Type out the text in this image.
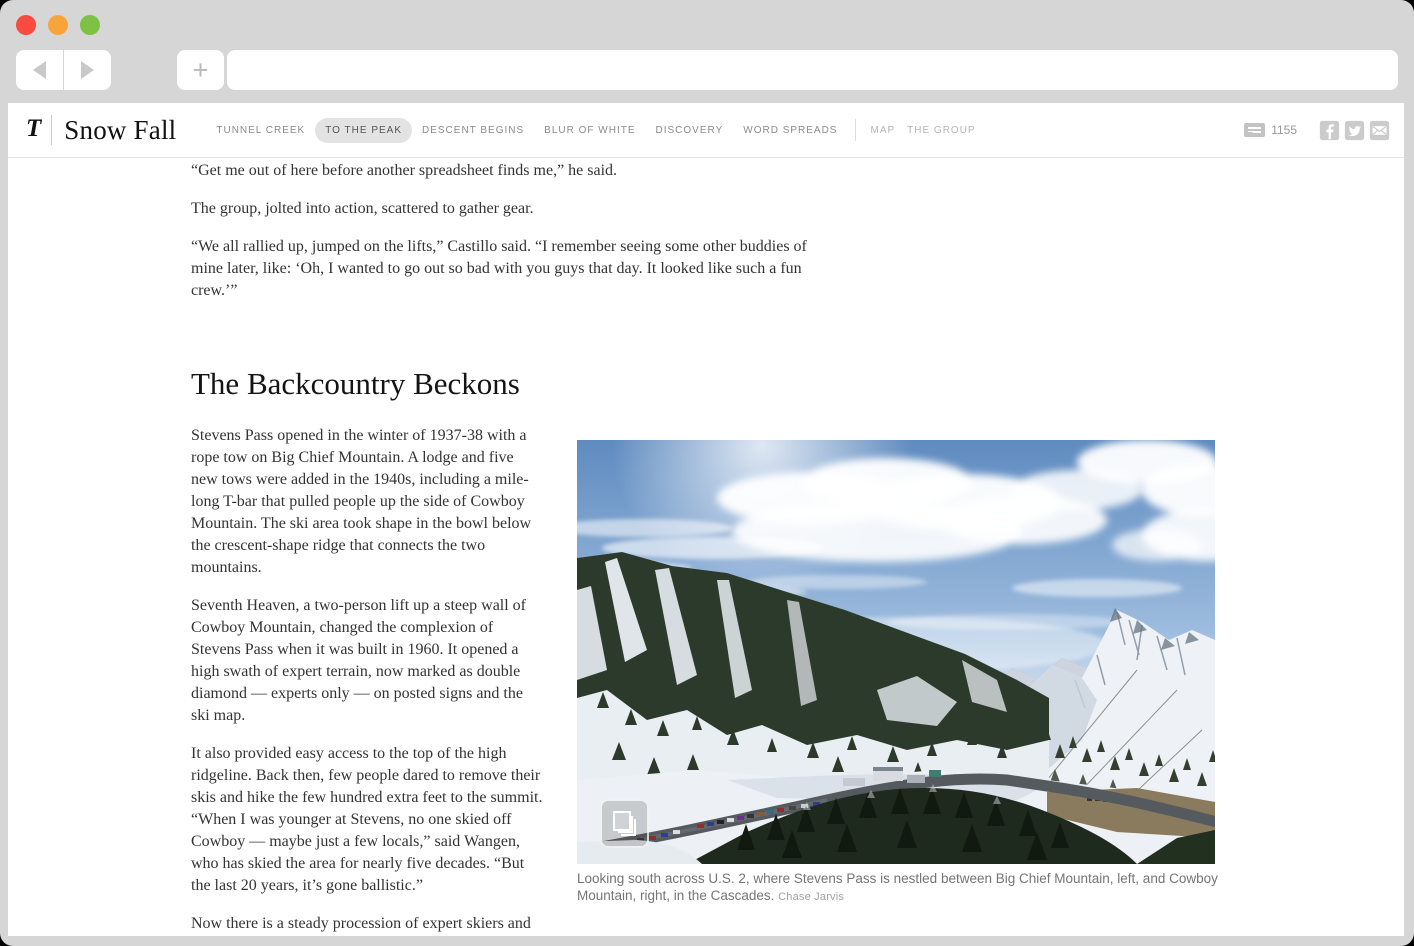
+
T Snow Fall	TUNNEL CREEK	TO THE PEAK	DESCENT BEGINS	BLUR OF WHITE	DISCOVERY	WORD SPREADS	MAP	THE GROUP	1155

“Get me out of here before another spreadsheet finds me,” he said.

The group, jolted into action, scattered to gather gear.

“We all rallied up, jumped on the lifts,” Castillo said. “I remember seeing some other buddies of mine later, like: ‘Oh, I wanted to go out so bad with you guys that day. It looked like such a fun crew.’”

The Backcountry Beckons

Stevens Pass opened in the winter of 1937-38 with a rope tow on Big Chief Mountain. A lodge and five new tows were added in the 1940s, including a mile-long T-bar that pulled people up the side of Cowboy Mountain. The ski area took shape in the bowl below the crescent-shape ridge that connects the two mountains.

Seventh Heaven, a two-person lift up a steep wall of Cowboy Mountain, changed the complexion of Stevens Pass when it was built in 1960. It opened a high swath of expert terrain, now marked as double diamond — experts only — on posted signs and the ski map.

It also provided easy access to the top of the high ridgeline. Back then, few people dared to remove their skis and hike the few hundred extra feet to the summit. “When I was younger at Stevens, no one skied off Cowboy — maybe just a few locals,” said Wangen, who has skied the area for nearly five decades. “But the last 20 years, it’s gone ballistic.”

Now there is a steady procession of expert skiers and

Looking south across U.S. 2, where Stevens Pass is nestled between Big Chief Mountain, left, and Cowboy Mountain, right, in the Cascades. Chase Jarvis
